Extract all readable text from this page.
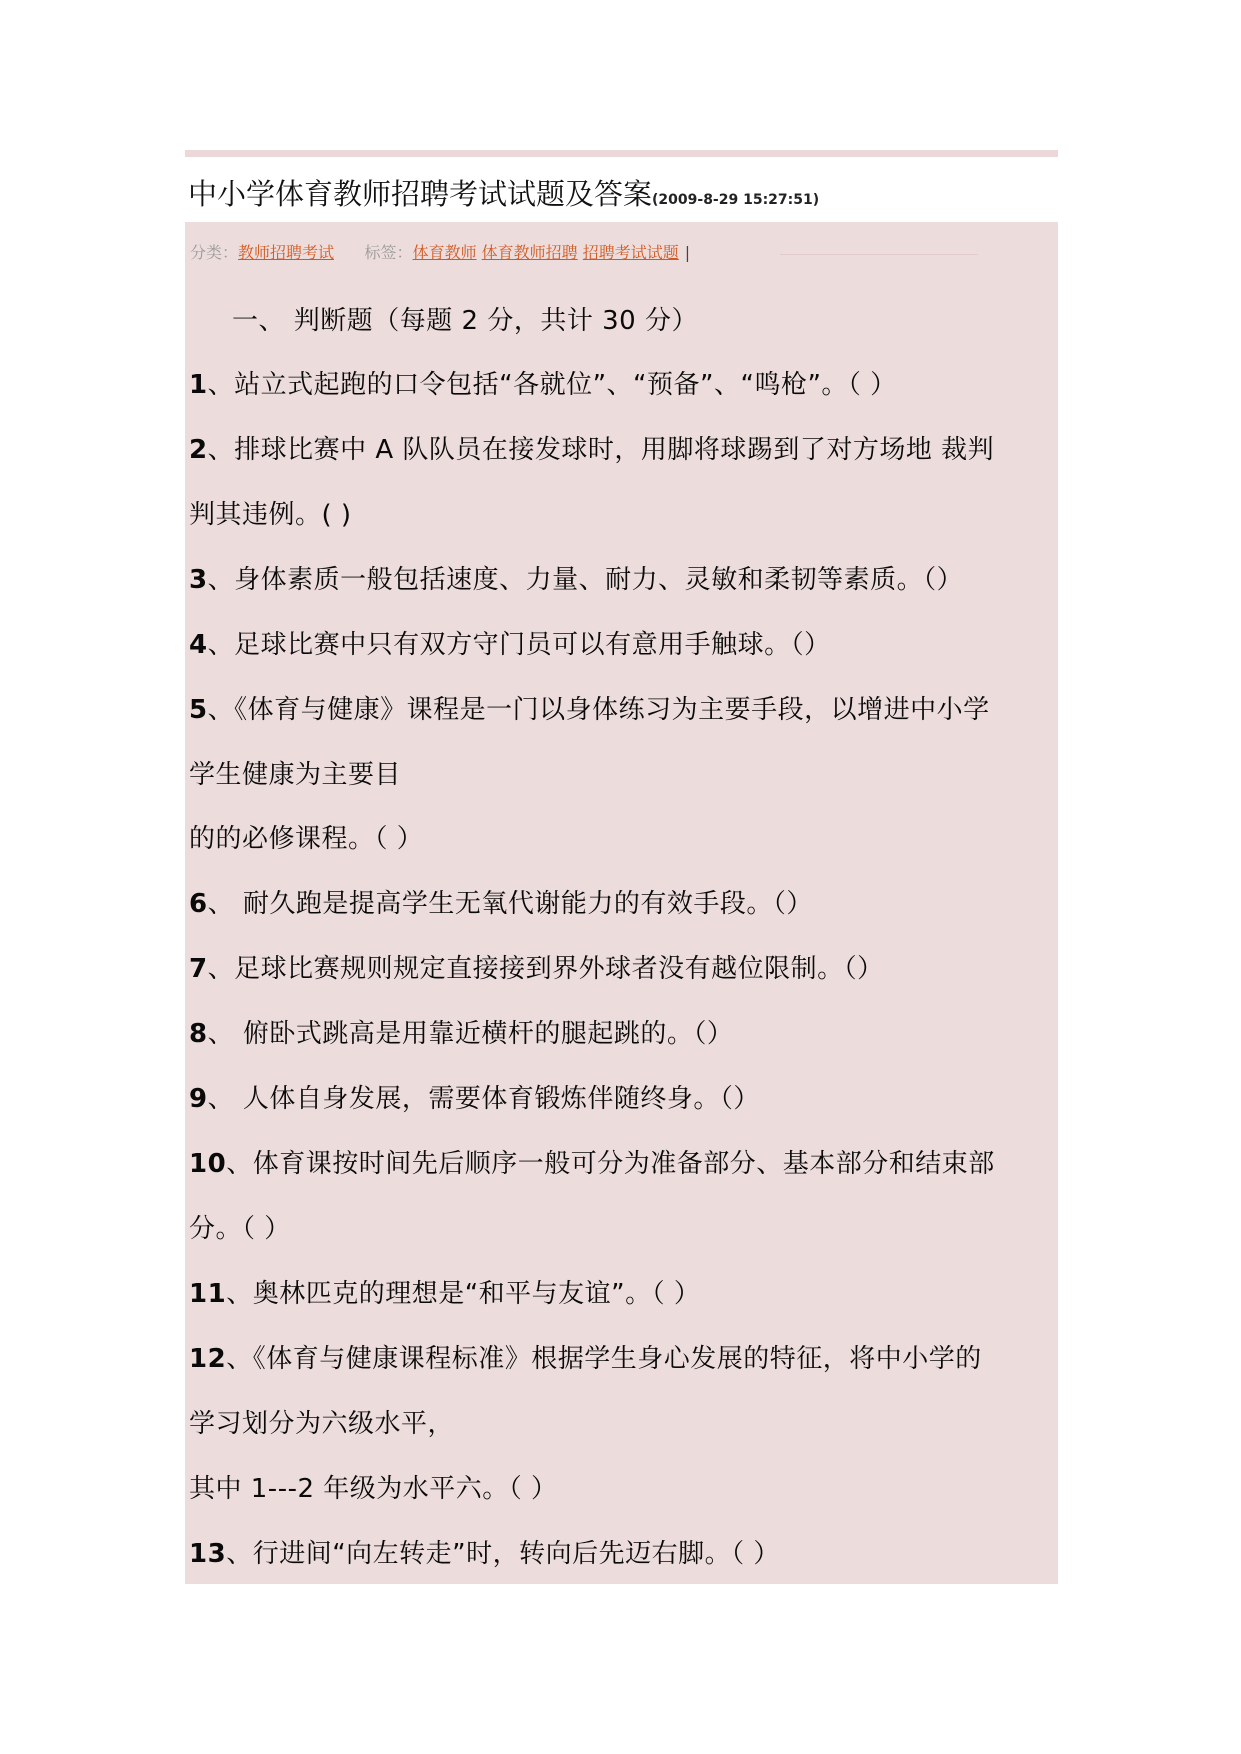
中小学体育教师招聘考试试题及答案(2009-8-29 15:27:51)
分类：教师招聘考试 标签：体育教师 体育教师招聘 招聘考试试题 |
一、 判断题（每题 2 分，共计 30 分）
1、站立式起跑的口令包括“各就位”、“预备”、“鸣枪”。（ ）
2、排球比赛中 A 队队员在接发球时，用脚将球踢到了对方场地 裁判
判其违例。( )
3、身体素质一般包括速度、力量、耐力、灵敏和柔韧等素质。（）
4、足球比赛中只有双方守门员可以有意用手触球。（）
5、《体育与健康》课程是一门以身体练习为主要手段，以增进中小学
学生健康为主要目
的的必修课程。（ ）
6、 耐久跑是提高学生无氧代谢能力的有效手段。（）
7、足球比赛规则规定直接接到界外球者没有越位限制。（）
8、 俯卧式跳高是用靠近横杆的腿起跳的。（）
9、 人体自身发展，需要体育锻炼伴随终身。（）
10、体育课按时间先后顺序一般可分为准备部分、基本部分和结束部
分。（ ）
11、奥林匹克的理想是“和平与友谊”。（ ）
12、《体育与健康课程标准》根据学生身心发展的特征，将中小学的
学习划分为六级水平，
其中 1---2 年级为水平六。（ ）
13、行进间“向左转走”时，转向后先迈右脚。（ ）
